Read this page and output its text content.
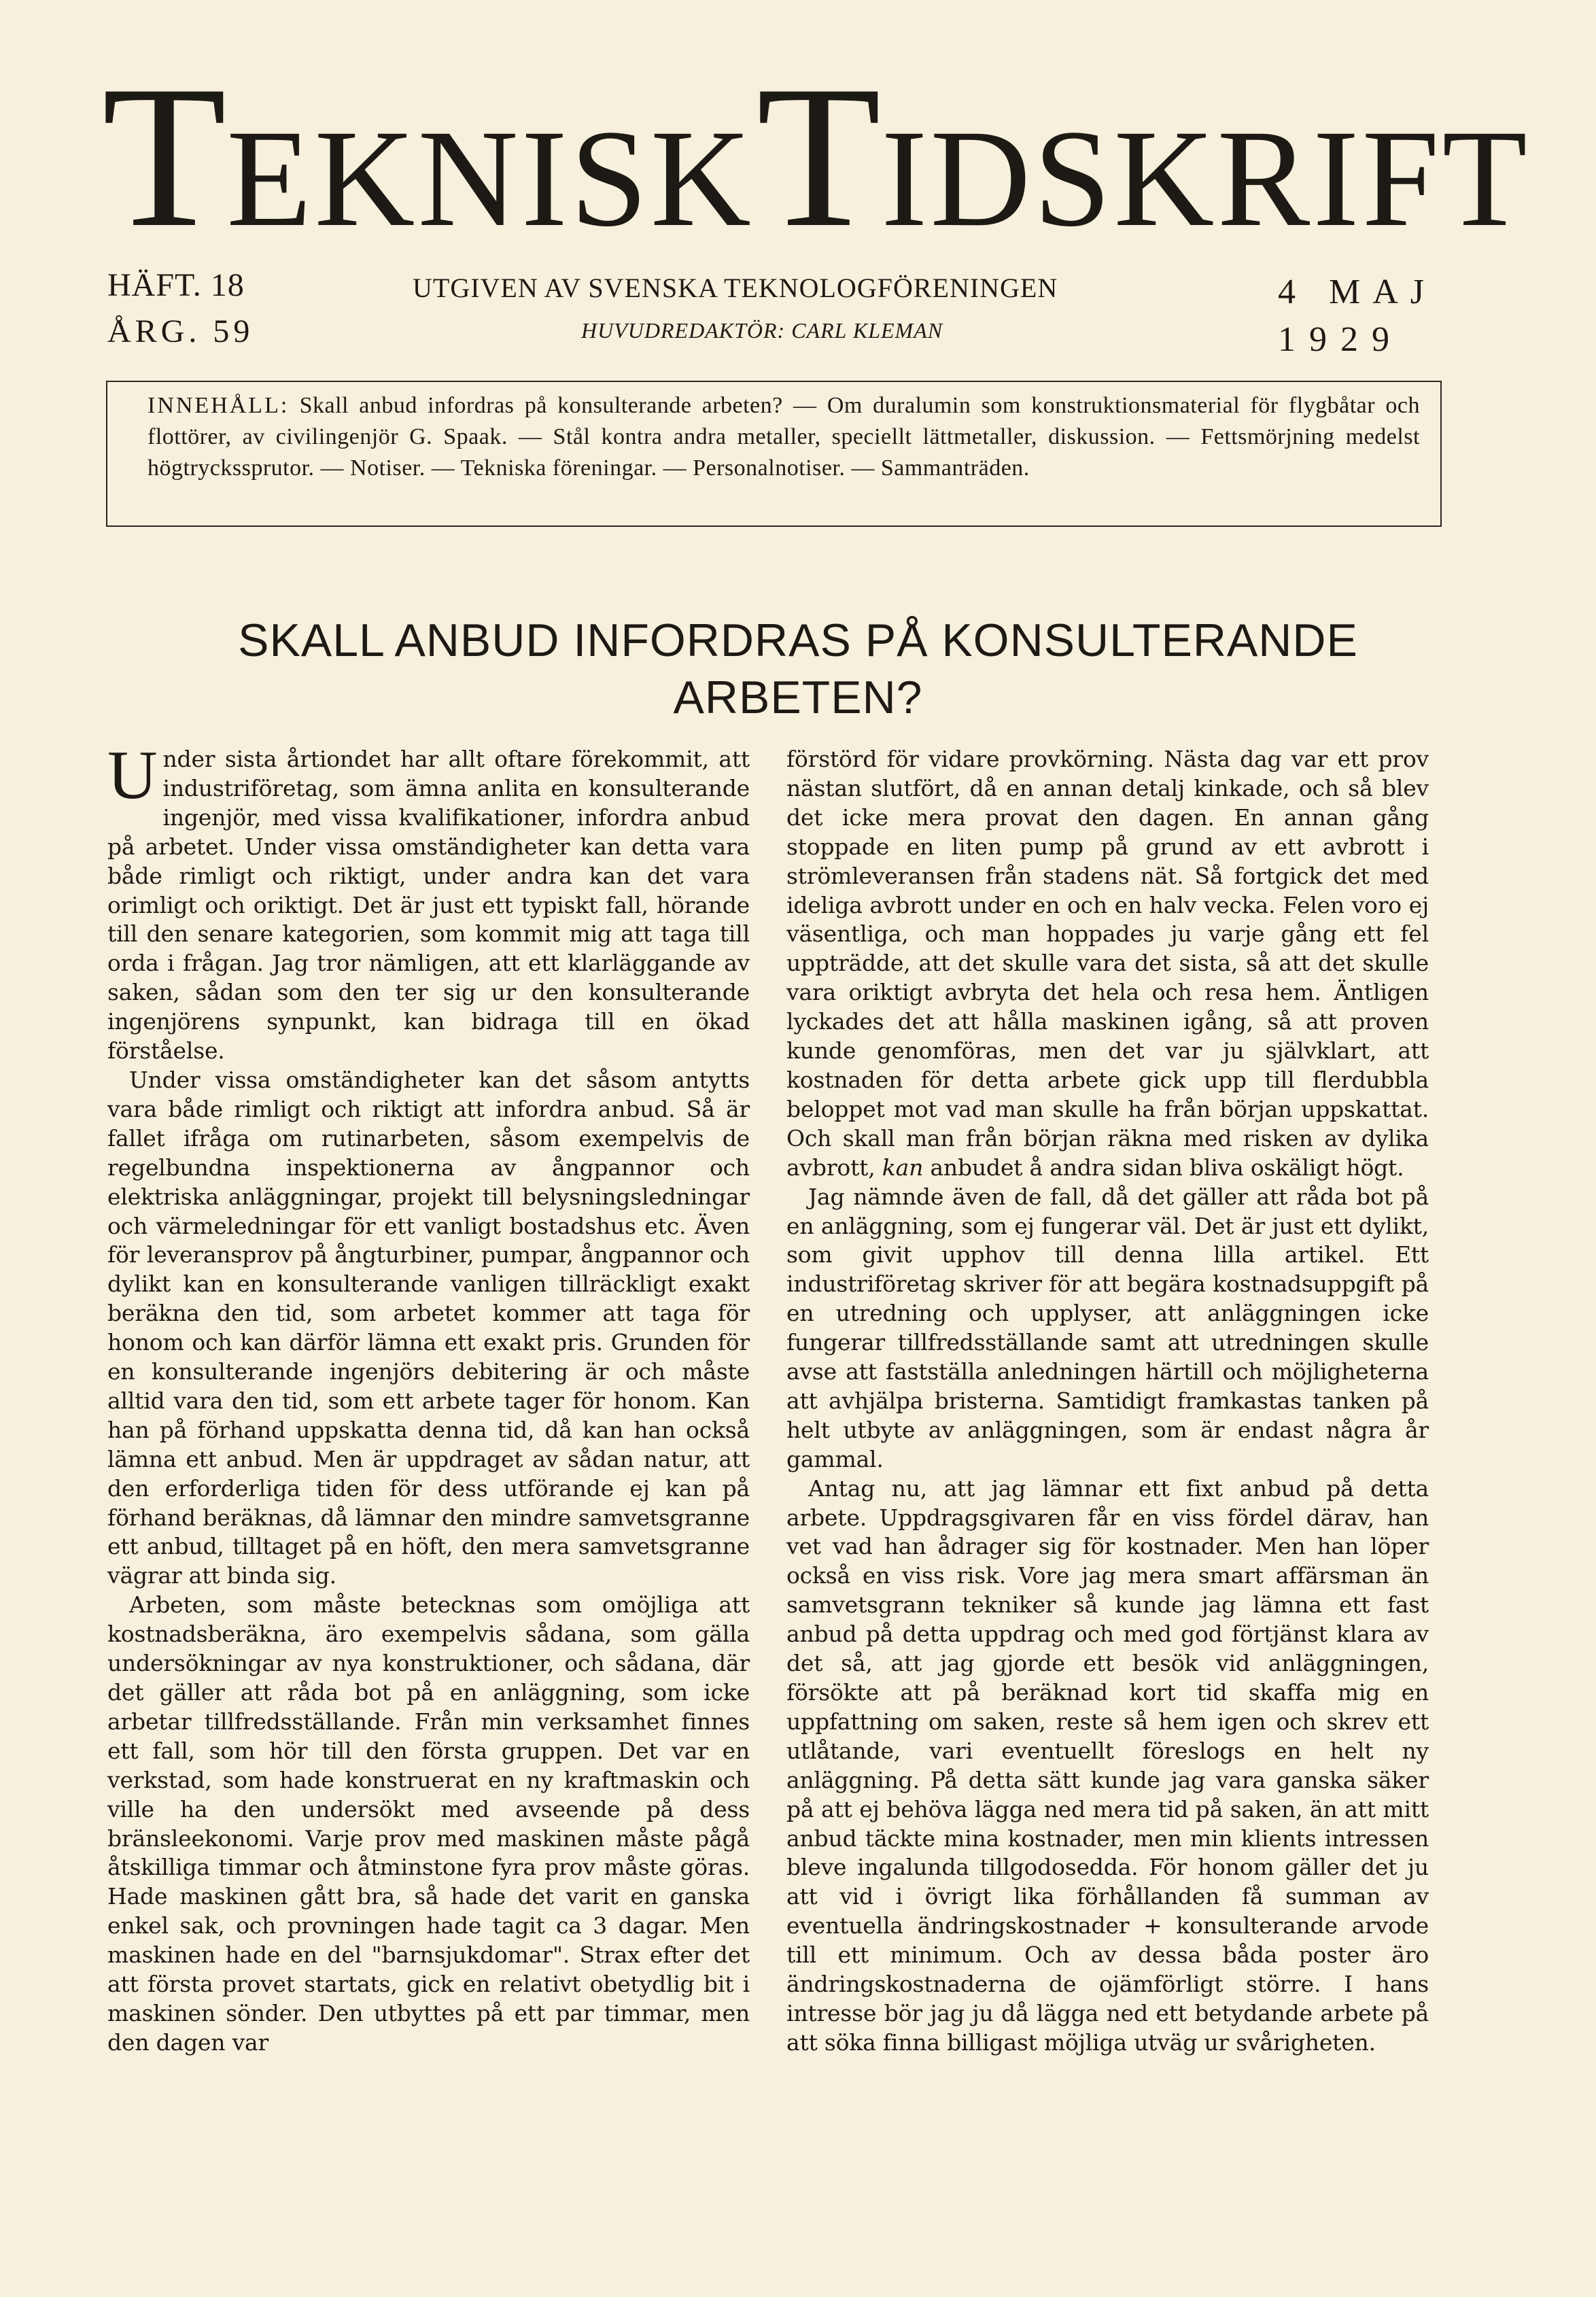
TEKNISK TIDSKRIFT
HÄFT. 18
ÅRG. 59
UTGIVEN AV SVENSKA TEKNOLOGFÖRENINGEN
HUVUDREDAKTÖR: CARL KLEMAN
4 MAJ
1929
INNEHÅLL: Skall anbud infordras på konsulterande arbeten? — Om duralumin som konstruktionsmaterial för flygbåtar och flottörer, av civilingenjör G. Spaak. — Stål kontra andra metaller, speciellt lättmetaller, diskussion. — Fettsmörjning medelst högtryckssprutor. — Notiser. — Tekniska föreningar. — Personalnotiser. — Sammanträden.
SKALL ANBUD INFORDRAS PÅ KONSULTERANDE ARBETEN?

Under sista årtiondet har allt oftare förekommit, att industriföretag, som ämna anlita en konsulterande ingenjör, med vissa kvalifikationer, infordra anbud på arbetet. Under vissa omständigheter kan detta vara både rimligt och riktigt, under andra kan det vara orimligt och oriktigt. Det är just ett typiskt fall, hörande till den senare kategorien, som kommit mig att taga till orda i frågan. Jag tror nämligen, att ett klarläggande av saken, sådan som den ter sig ur den konsulterande ingenjörens synpunkt, kan bidraga till en ökad förståelse.

Under vissa omständigheter kan det såsom antytts vara både rimligt och riktigt att infordra anbud. Så är fallet ifråga om rutinarbeten, såsom exempelvis de regelbundna inspektionerna av ångpannor och elektriska anläggningar, projekt till belysningsledningar och värmeledningar för ett vanligt bostadshus etc. Även för leveransprov på ångturbiner, pumpar, ångpannor och dylikt kan en konsulterande vanligen tillräckligt exakt beräkna den tid, som arbetet kommer att taga för honom och kan därför lämna ett exakt pris. Grunden för en konsulterande ingenjörs debitering är och måste alltid vara den tid, som ett arbete tager för honom. Kan han på förhand uppskatta denna tid, då kan han också lämna ett anbud. Men är uppdraget av sådan natur, att den erforderliga tiden för dess utförande ej kan på förhand beräknas, då lämnar den mindre samvetsgranne ett anbud, tilltaget på en höft, den mera samvetsgranne vägrar att binda sig.

Arbeten, som måste betecknas som omöjliga att kostnadsberäkna, äro exempelvis sådana, som gälla undersökningar av nya konstruktioner, och sådana, där det gäller att råda bot på en anläggning, som icke arbetar tillfredsställande. Från min verksamhet finnes ett fall, som hör till den första gruppen. Det var en verkstad, som hade konstruerat en ny kraftmaskin och ville ha den undersökt med avseende på dess bränsleekonomi. Varje prov med maskinen måste pågå åtskilliga timmar och åtminstone fyra prov måste göras. Hade maskinen gått bra, så hade det varit en ganska enkel sak, och provningen hade tagit ca 3 dagar. Men maskinen hade en del "barnsjukdomar". Strax efter det att första provet startats, gick en relativt obetydlig bit i maskinen sönder. Den utbyttes på ett par timmar, men den dagen var

förstörd för vidare provkörning. Nästa dag var ett prov nästan slutfört, då en annan detalj kinkade, och så blev det icke mera provat den dagen. En annan gång stoppade en liten pump på grund av ett avbrott i strömleveransen från stadens nät. Så fortgick det med ideliga avbrott under en och en halv vecka. Felen voro ej väsentliga, och man hoppades ju varje gång ett fel uppträdde, att det skulle vara det sista, så att det skulle vara oriktigt avbryta det hela och resa hem. Äntligen lyckades det att hålla maskinen igång, så att proven kunde genomföras, men det var ju självklart, att kostnaden för detta arbete gick upp till flerdubbla beloppet mot vad man skulle ha från början uppskattat. Och skall man från början räkna med risken av dylika avbrott, kan anbudet å andra sidan bliva oskäligt högt.

Jag nämnde även de fall, då det gäller att råda bot på en anläggning, som ej fungerar väl. Det är just ett dylikt, som givit upphov till denna lilla artikel. Ett industriföretag skriver för att begära kostnadsuppgift på en utredning och upplyser, att anläggningen icke fungerar tillfredsställande samt att utredningen skulle avse att fastställa anledningen härtill och möjligheterna att avhjälpa bristerna. Samtidigt framkastas tanken på helt utbyte av anläggningen, som är endast några år gammal.

Antag nu, att jag lämnar ett fixt anbud på detta arbete. Uppdragsgivaren får en viss fördel därav, han vet vad han ådrager sig för kostnader. Men han löper också en viss risk. Vore jag mera smart affärsman än samvetsgrann tekniker så kunde jag lämna ett fast anbud på detta uppdrag och med god förtjänst klara av det så, att jag gjorde ett besök vid anläggningen, försökte att på beräknad kort tid skaffa mig en uppfattning om saken, reste så hem igen och skrev ett utlåtande, vari eventuellt föreslogs en helt ny anläggning. På detta sätt kunde jag vara ganska säker på att ej behöva lägga ned mera tid på saken, än att mitt anbud täckte mina kostnader, men min klients intressen bleve ingalunda tillgodosedda. För honom gäller det ju att vid i övrigt lika förhållanden få summan av eventuella ändringskostnader + konsulterande arvode till ett minimum. Och av dessa båda poster äro ändringskostnaderna de ojämförligt större. I hans intresse bör jag ju då lägga ned ett betydande arbete på att söka finna billigast möjliga utväg ur svårigheten.
